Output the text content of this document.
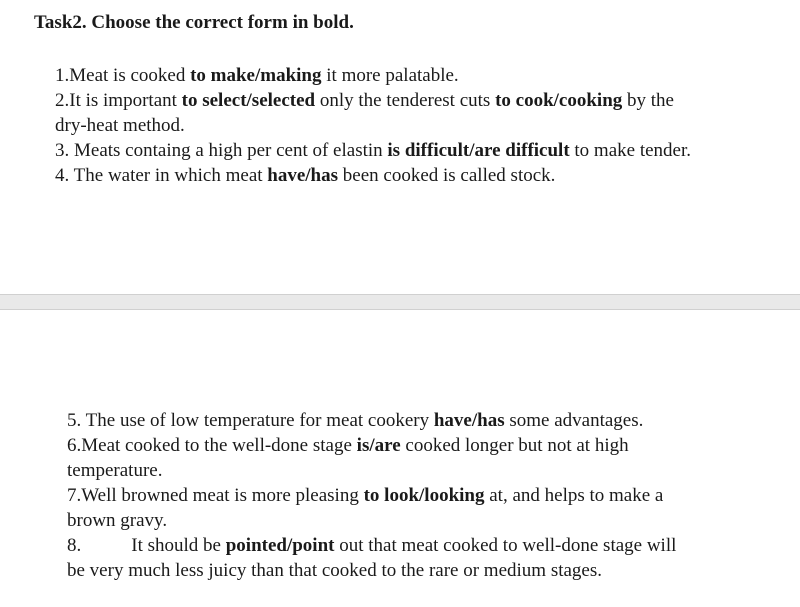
Task2. Choose the correct form in bold.

1.Meat is cooked to make/making it more palatable.

2.It is important to select/selected only the tenderest cuts to cook/cooking by the dry-heat method.

3. Meats containg a high per cent of elastin is difficult/are difficult to make tender.

4. The water in which meat have/has been cooked is called stock.

5. The use of low temperature for meat cookery have/has some advantages. 6.Meat cooked to the well-done stage is/are cooked longer but not at high temperature.

7.Well browned meat is more pleasing to look/looking at, and helps to make a brown gravy.

8.	It should be pointed/point out that meat cooked to well-done stage will be very much less juicy than that cooked to the rare or medium stages.
